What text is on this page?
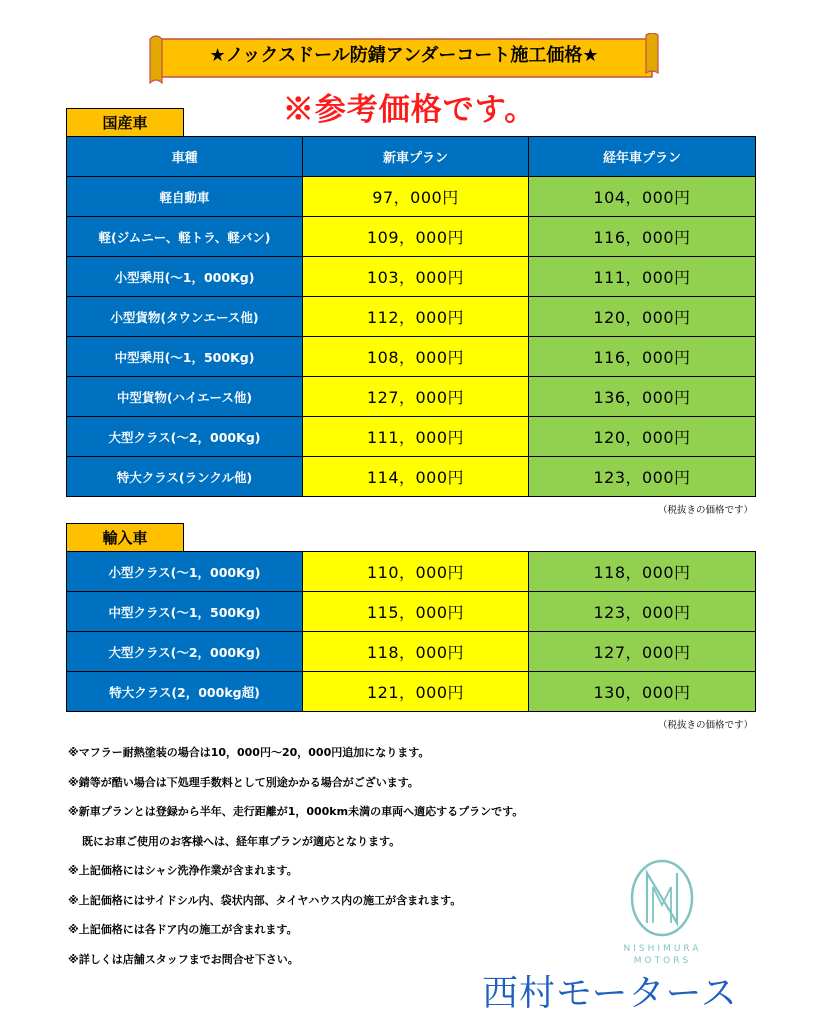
★ノックスドール防錆アンダーコート施工価格★
※参考価格です。
国産車
車種	新車プラン	経年車プラン
軽自動車	97，000円	104，000円
軽(ジムニー、軽トラ、軽バン)	109，000円	116，000円
小型乗用(～1，000Kg)	103，000円	111，000円
小型貨物(タウンエース他)	112，000円	120，000円
中型乗用(～1，500Kg)	108，000円	116，000円
中型貨物(ハイエース他)	127，000円	136，000円
大型クラス(～2，000Kg)	111，000円	120，000円
特大クラス(ランクル他)	114，000円	123，000円
（税抜きの価格です）
輸入車
小型クラス(～1，000Kg)	110，000円	118，000円
中型クラス(～1，500Kg)	115，000円	123，000円
大型クラス(～2，000Kg)	118，000円	127，000円
特大クラス(2，000kg超)	121，000円	130，000円
（税抜きの価格です）
※マフラー耐熱塗装の場合は10，000円～20，000円追加になります。
※錆等が酷い場合は下処理手数料として別途かかる場合がございます。
※新車プランとは登録から半年、走行距離が1，000km未満の車両へ適応するプランです。
既にお車ご使用のお客様へは、経年車プランが適応となります。
※上記価格にはシャシ洗浄作業が含まれます。
※上記価格にはサイドシル内、袋状内部、タイヤハウス内の施工が含まれます。
※上記価格には各ドア内の施工が含まれます。
※詳しくは店舗スタッフまでお問合せ下さい。
NISHIMURA
MOTORS
西村モータース
